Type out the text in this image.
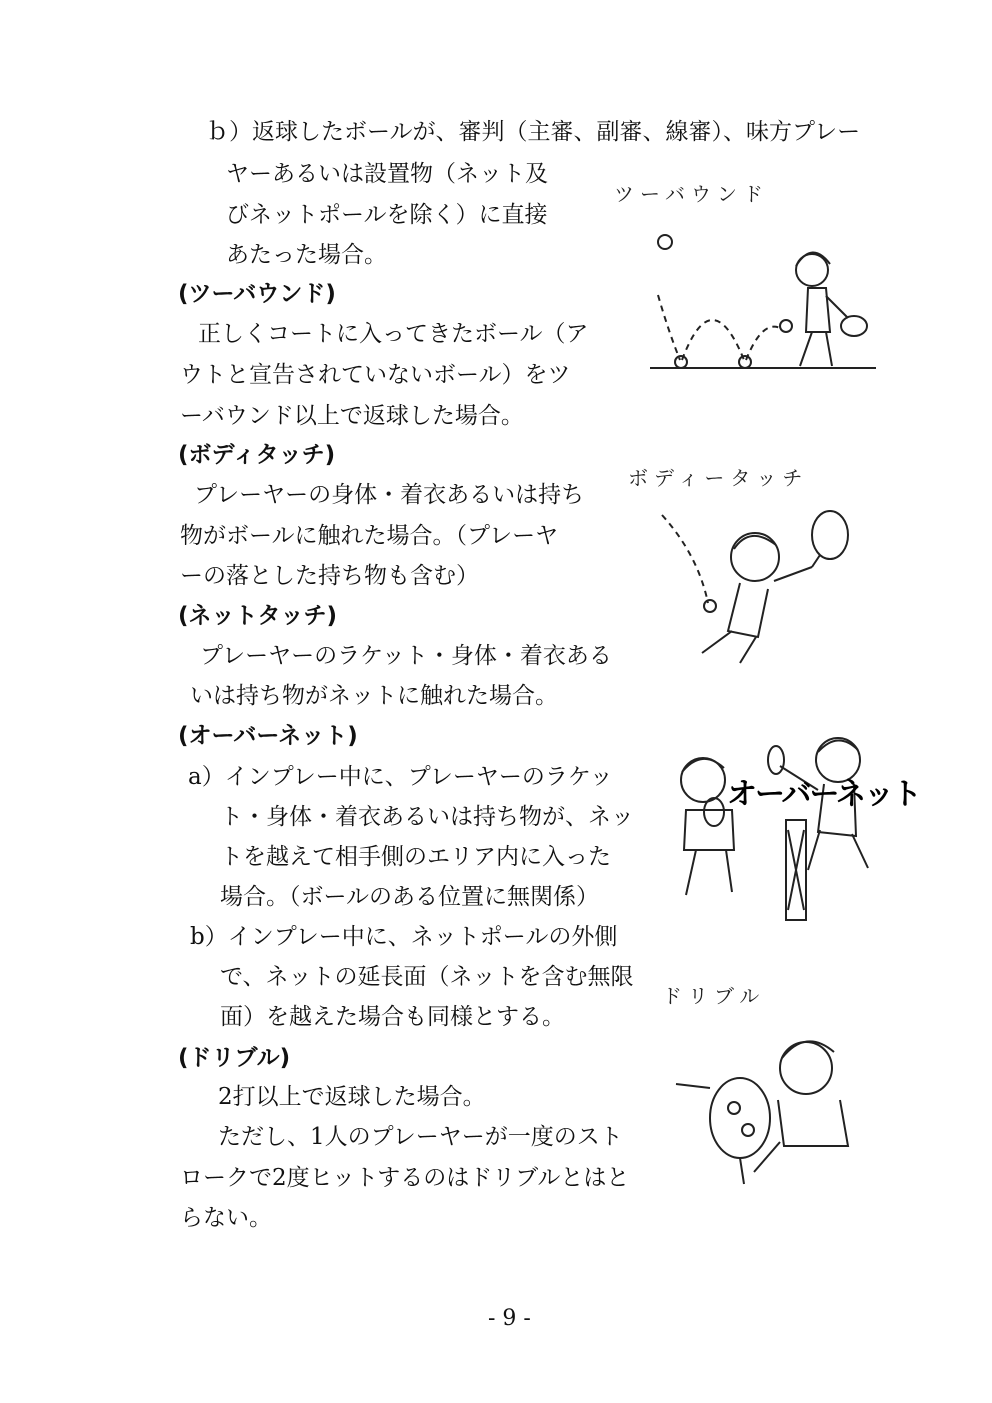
ｂ）返球したボールが、審判（主審、副審、線審）、味方プレー
ヤーあるいは設置物（ネット及
びネットポールを除く）に直接
あたった場合。
(ツーバウンド)
正しくコートに入ってきたボール（ア
ウトと宣告されていないボール）をツ
ーバウンド以上で返球した場合。
(ボディタッチ)
プレーヤーの身体・着衣あるいは持ち
物がボールに触れた場合。（プレーヤ
ーの落とした持ち物も含む）
(ネットタッチ)
プレーヤーのラケット・身体・着衣ある
いは持ち物がネットに触れた場合。
(オーバーネット)
a）インプレー中に、プレーヤーのラケッ
ト・身体・着衣あるいは持ち物が、ネッ
トを越えて相手側のエリア内に入った
場合。（ボールのある位置に無関係）
b）インプレー中に、ネットポールの外側
で、ネットの延長面（ネットを含む無限
面）を越えた場合も同様とする。
(ドリブル)
2打以上で返球した場合。
ただし、1人のプレーヤーが一度のスト
ロークで2度ヒットするのはドリブルとはと
らない。
ツーバウンド
ボディータッチ
ドリブル
オーバーネット
- 9 -
